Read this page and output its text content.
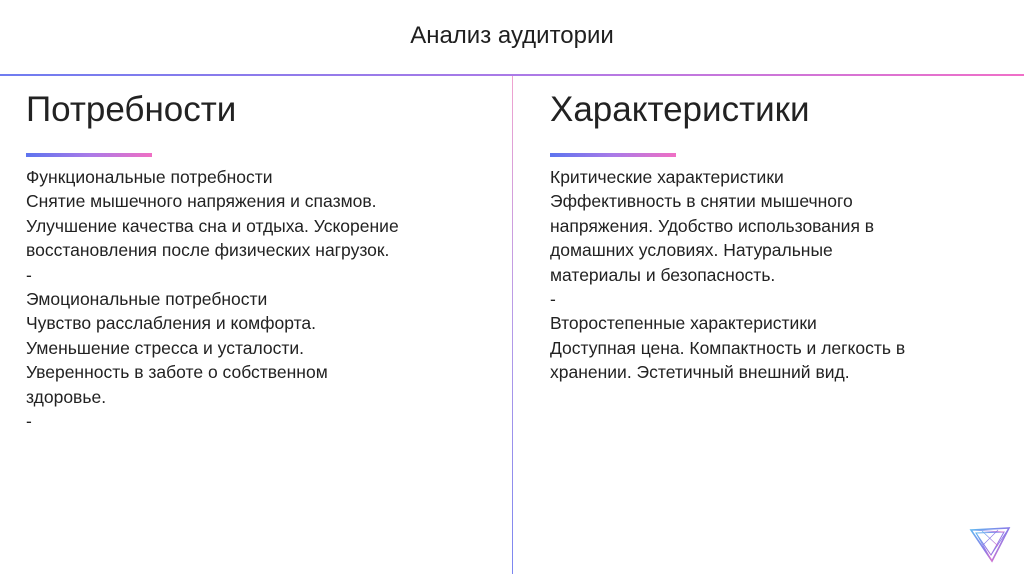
Анализ аудитории
Потребности
Функциональные потребности
Снятие мышечного напряжения и спазмов.
Улучшение качества сна и отдыха. Ускорение
восстановления после физических нагрузок.
-
Эмоциональные потребности
Чувство расслабления и комфорта.
Уменьшение стресса и усталости.
Уверенность в заботе о собственном
здоровье.
-
Характеристики
Критические характеристики
Эффективность в снятии мышечного
напряжения. Удобство использования в
домашних условиях. Натуральные
материалы и безопасность.
-
Второстепенные характеристики
Доступная цена. Компактность и легкость в
хранении. Эстетичный внешний вид.
